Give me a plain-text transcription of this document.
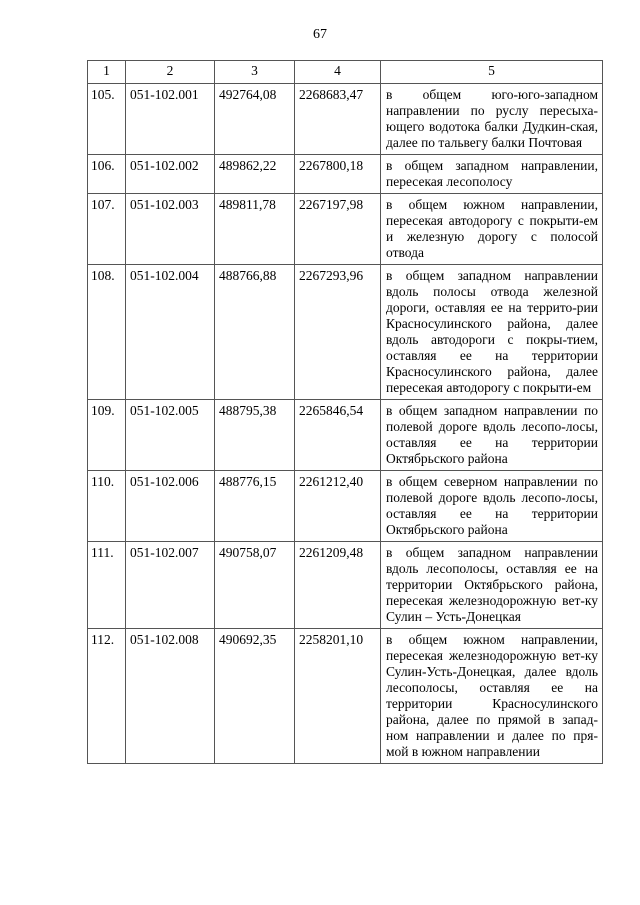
67
1	2	3	4	5
105.	051-102.001	492764,08	2268683,47	в общем юго-юго-западном направлении по руслу пересыха-ющего водотока балки Дудкин-ская, далее по тальвегу балки Почтовая
106.	051-102.002	489862,22	2267800,18	в общем западном направлении, пересекая лесополосу
107.	051-102.003	489811,78	2267197,98	в общем южном направлении, пересекая автодорогу с покрыти-ем и железную дорогу с полосой отвода
108.	051-102.004	488766,88	2267293,96	в общем западном направлении вдоль полосы отвода железной дороги, оставляя ее на террито-рии Красносулинского района, далее вдоль автодороги с покры-тием, оставляя ее на территории Красносулинского района, далее пересекая автодорогу с покрыти-ем
109.	051-102.005	488795,38	2265846,54	в общем западном направлении по полевой дороге вдоль лесопо-лосы, оставляя ее на территории Октябрьского района
110.	051-102.006	488776,15	2261212,40	в общем северном направлении по полевой дороге вдоль лесопо-лосы, оставляя ее на территории Октябрьского района
111.	051-102.007	490758,07	2261209,48	в общем западном направлении вдоль лесополосы, оставляя ее на территории Октябрьского района, пересекая железнодорожную вет-ку Сулин – Усть-Донецкая
112.	051-102.008	490692,35	2258201,10	в общем южном направлении, пересекая железнодорожную вет-ку Сулин-Усть-Донецкая, далее вдоль лесополосы, оставляя ее на территории Красносулинского района, далее по прямой в запад-ном направлении и далее по пря-мой в южном направлении
